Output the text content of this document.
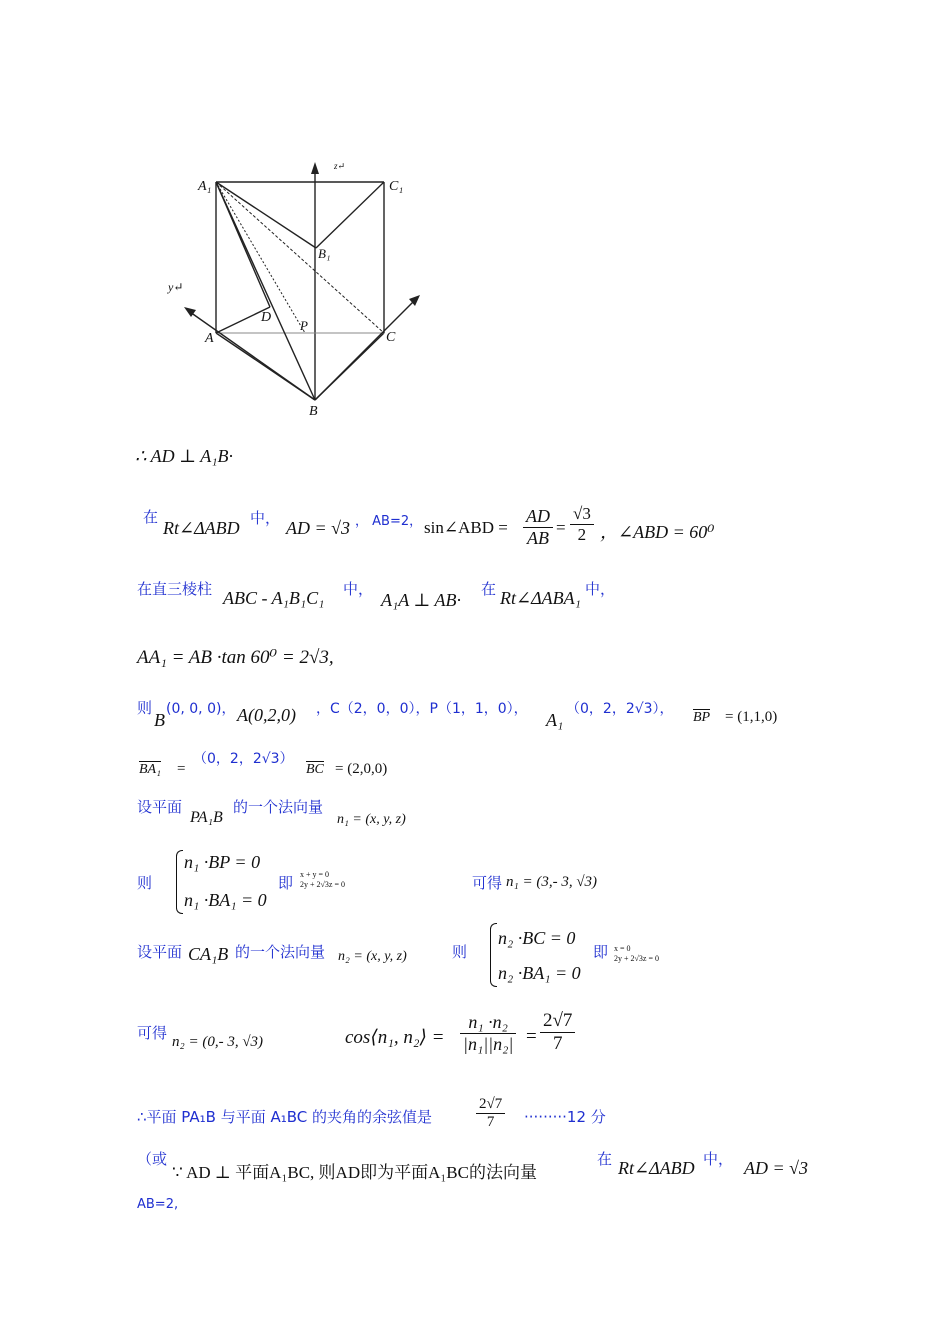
A₁	C₁
B₁
A	C
B
D
P
z↵
y↵
∴ AD ⊥ A₁B·
在
Rt∠ΔABD 中， AD = √3 ， AB=2， sin∠ABD = $\frac{AD}{AB} = \frac{√3}{2}$ ，∠ABD = 60⁰
在直三棱柱 ABC - A₁B₁C₁ 中，
A₁A ⊥ AB·
在 Rt∠ΔABA₁ 中，
AA₁ = AB ·tan 60⁰ = 2√3,
则
B
(0, 0, 0)， A(0,2,0) ，C（2，0，0），P（1，1，0），
A₁
（0，2，2√3），
BP = (1,1,0)
BA₁ =
（0，2，2√3）
BC = (2,0,0)
设平面
PA₁B
的一个法向量
n₁ = (x, y, z)
则
n₁ ·BP = 0
n₁ ·BA₁ = 0
即 x + y = 0
2y + 2√3z = 0	可得 n₁ = (3,- 3, √3)
设平面 CA₁B 的一个法向量 n₂ = (x, y, z)	则
n₂ ·BC = 0
n₂ ·BA₁ = 0
即 x = 0
2y + 2√3z = 0
可得 n₂ = (0,- 3, √3)	cos⟨n₁, n₂⟩ = $\frac{\text{n₁ ·n₂}}{\text{|n₁||n₂|}} = \frac{2√7}{7}$
∴平面 PA₁B 与平面 A₁BC 的夹角的余弦值是	$\frac{2√7}{7} \cdot\cdot\cdot\cdot\cdot\cdot\cdot\cdot\cdot 12$ 分
（或
∵ AD ⊥ 平面A₁BC, 则AD即为平面A₁BC的法向量
在 Rt∠ΔABD 中， AD = √3
AB=2,
